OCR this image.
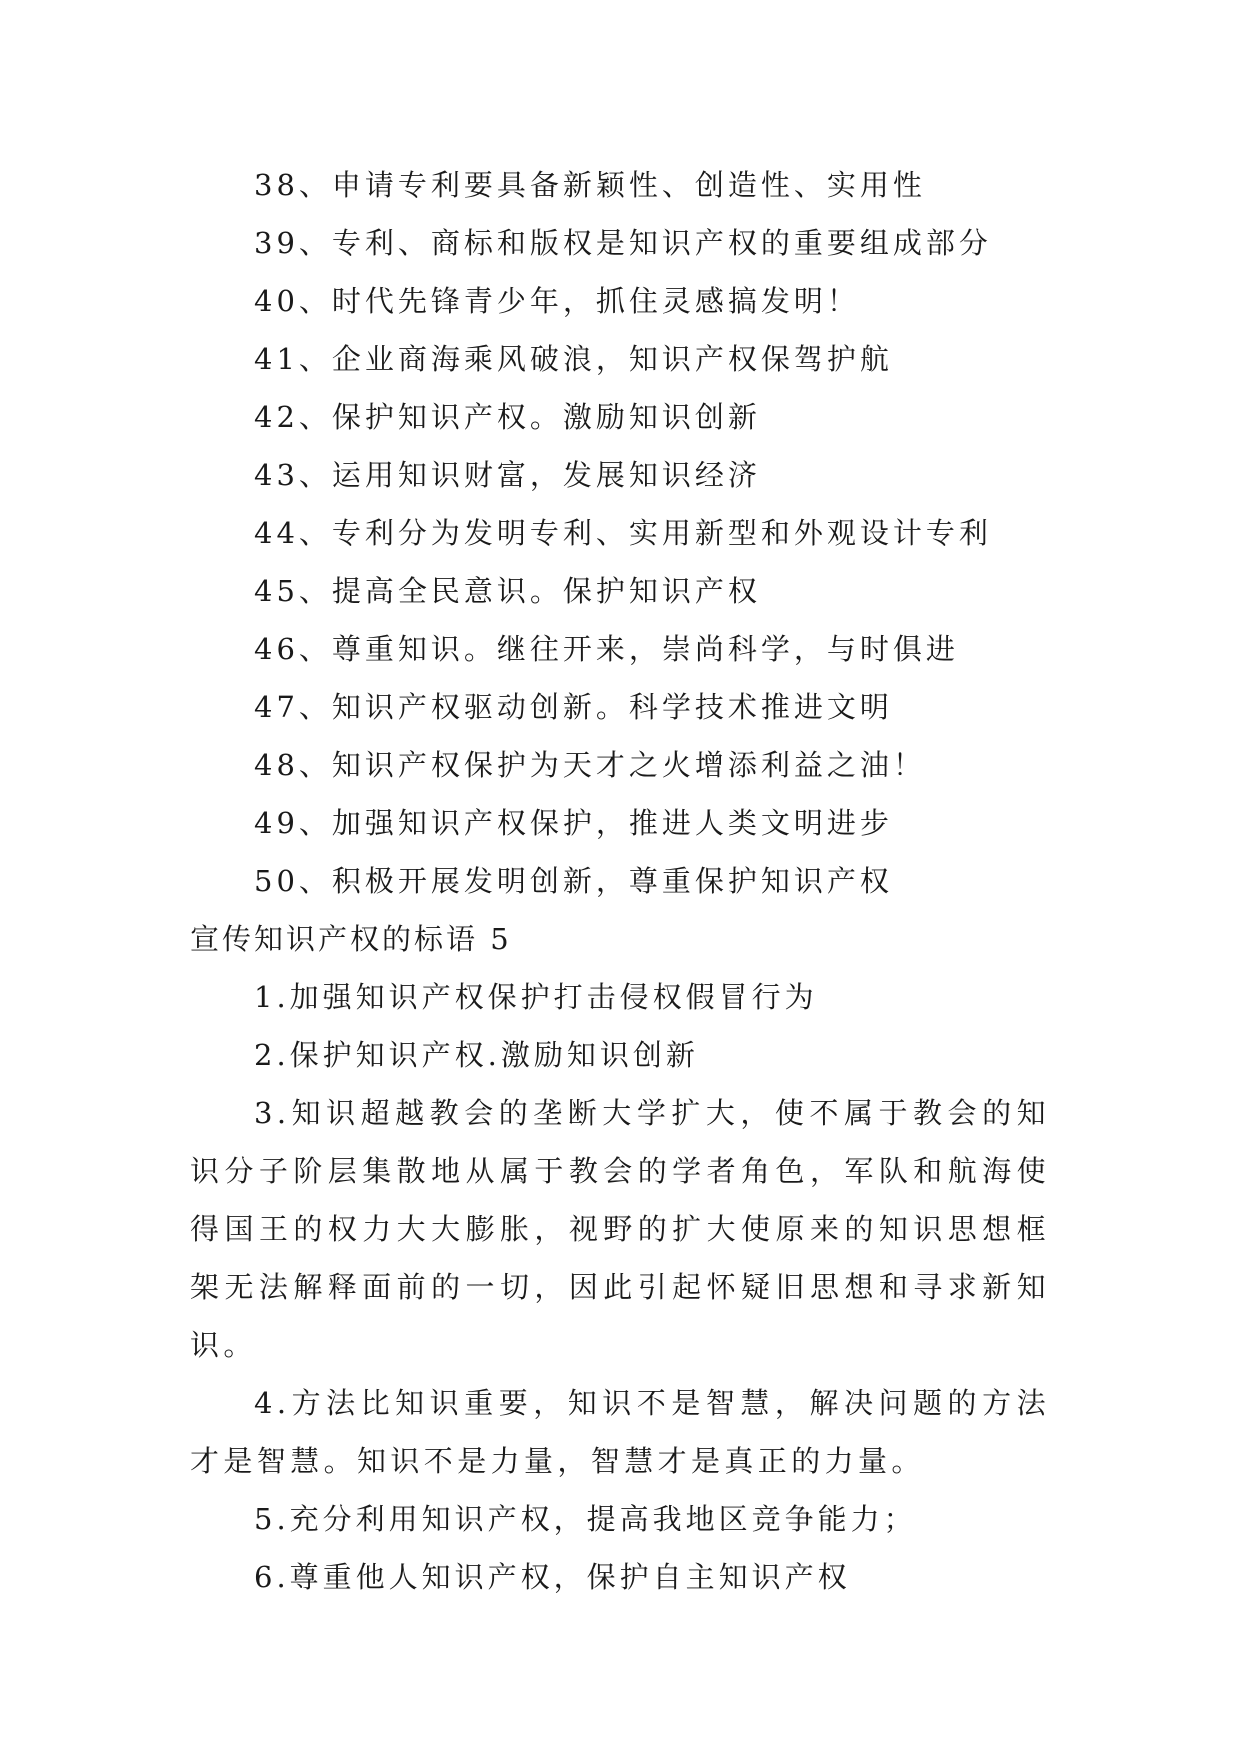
38、申请专利要具备新颖性、创造性、实用性
39、专利、商标和版权是知识产权的重要组成部分
40、时代先锋青少年，抓住灵感搞发明！
41、企业商海乘风破浪，知识产权保驾护航
42、保护知识产权。激励知识创新
43、运用知识财富，发展知识经济
44、专利分为发明专利、实用新型和外观设计专利
45、提高全民意识。保护知识产权
46、尊重知识。继往开来，崇尚科学，与时俱进
47、知识产权驱动创新。科学技术推进文明
48、知识产权保护为天才之火增添利益之油！
49、加强知识产权保护，推进人类文明进步
50、积极开展发明创新，尊重保护知识产权
宣传知识产权的标语 5
1.加强知识产权保护打击侵权假冒行为
2.保护知识产权.激励知识创新

3.知识超越教会的垄断大学扩大，使不属于教会的知识分子阶层集散地从属于教会的学者角色，军队和航海使得国王的权力大大膨胀，视野的扩大使原来的知识思想框架无法解释面前的一切，因此引起怀疑旧思想和寻求新知识。

4.方法比知识重要，知识不是智慧，解决问题的方法才是智慧。知识不是力量，智慧才是真正的力量。

5.充分利用知识产权，提高我地区竞争能力；
6.尊重他人知识产权，保护自主知识产权
